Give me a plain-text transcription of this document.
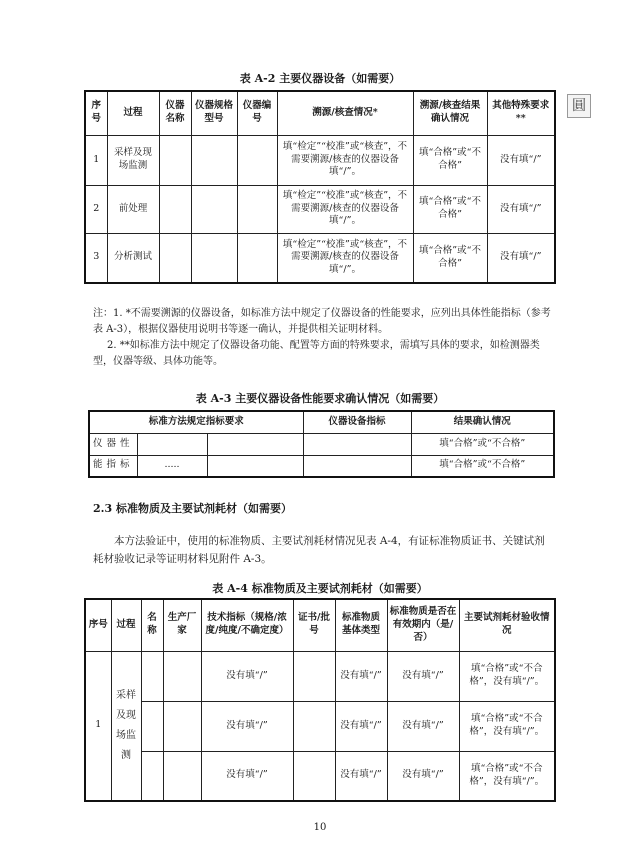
圓
表 A-2 主要仪器设备（如需要）
序号	过程	仪器名称	仪器规格型号	仪器编号	溯源/核查情况*	溯源/核查结果确认情况	其他特殊要求**
1	采样及现场监测				填“检定”“校准”或“核查”，不需要溯源/核查的仪器设备填“/”。	填“合格”或“不合格”	没有填“/”
2	前处理				填“检定”“校准”或“核查”，不需要溯源/核查的仪器设备填“/”。	填“合格”或“不合格”	没有填“/”
3	分析测试				填“检定”“校准”或“核查”，不需要溯源/核查的仪器设备填“/”。	填“合格”或“不合格”	没有填“/”
注：1. *不需要溯源的仪器设备，如标准方法中规定了仪器设备的性能要求，应列出具体性能指标（参考表 A-3），根据仪器使用说明书等逐一确认，并提供相关证明材料。
2. **如标准方法中规定了仪器设备功能、配置等方面的特殊要求，需填写具体的要求，如检测器类型，仪器等级、具体功能等。
表 A-3 主要仪器设备性能要求确认情况（如需要）
标准方法规定指标要求			仪器设备指标	结果确认情况
仪器性				填“合格”或“不合格”
能指标	.....			填“合格”或“不合格”
2.3 标准物质及主要试剂耗材（如需要）
本方法验证中，使用的标准物质、主要试剂耗材情况见表 A-4，有证标准物质证书、关键试剂耗材验收记录等证明材料见附件 A-3。
表 A-4 标准物质及主要试剂耗材（如需要）
序号	过程	名称	生产厂家	技术指标（规格/浓度/纯度/不确定度）	证书/批号	标准物质基体类型	标准物质是否在有效期内（是/否）	主要试剂耗材验收情况
1	采样及现场监测			没有填“/”		没有填“/”	没有填“/”	填“合格”或“不合格”，没有填“/”。
				没有填“/”		没有填“/”	没有填“/”	填“合格”或“不合格”，没有填“/”。
				没有填“/”		没有填“/”	没有填“/”	填“合格”或“不合格”，没有填“/”。
10
